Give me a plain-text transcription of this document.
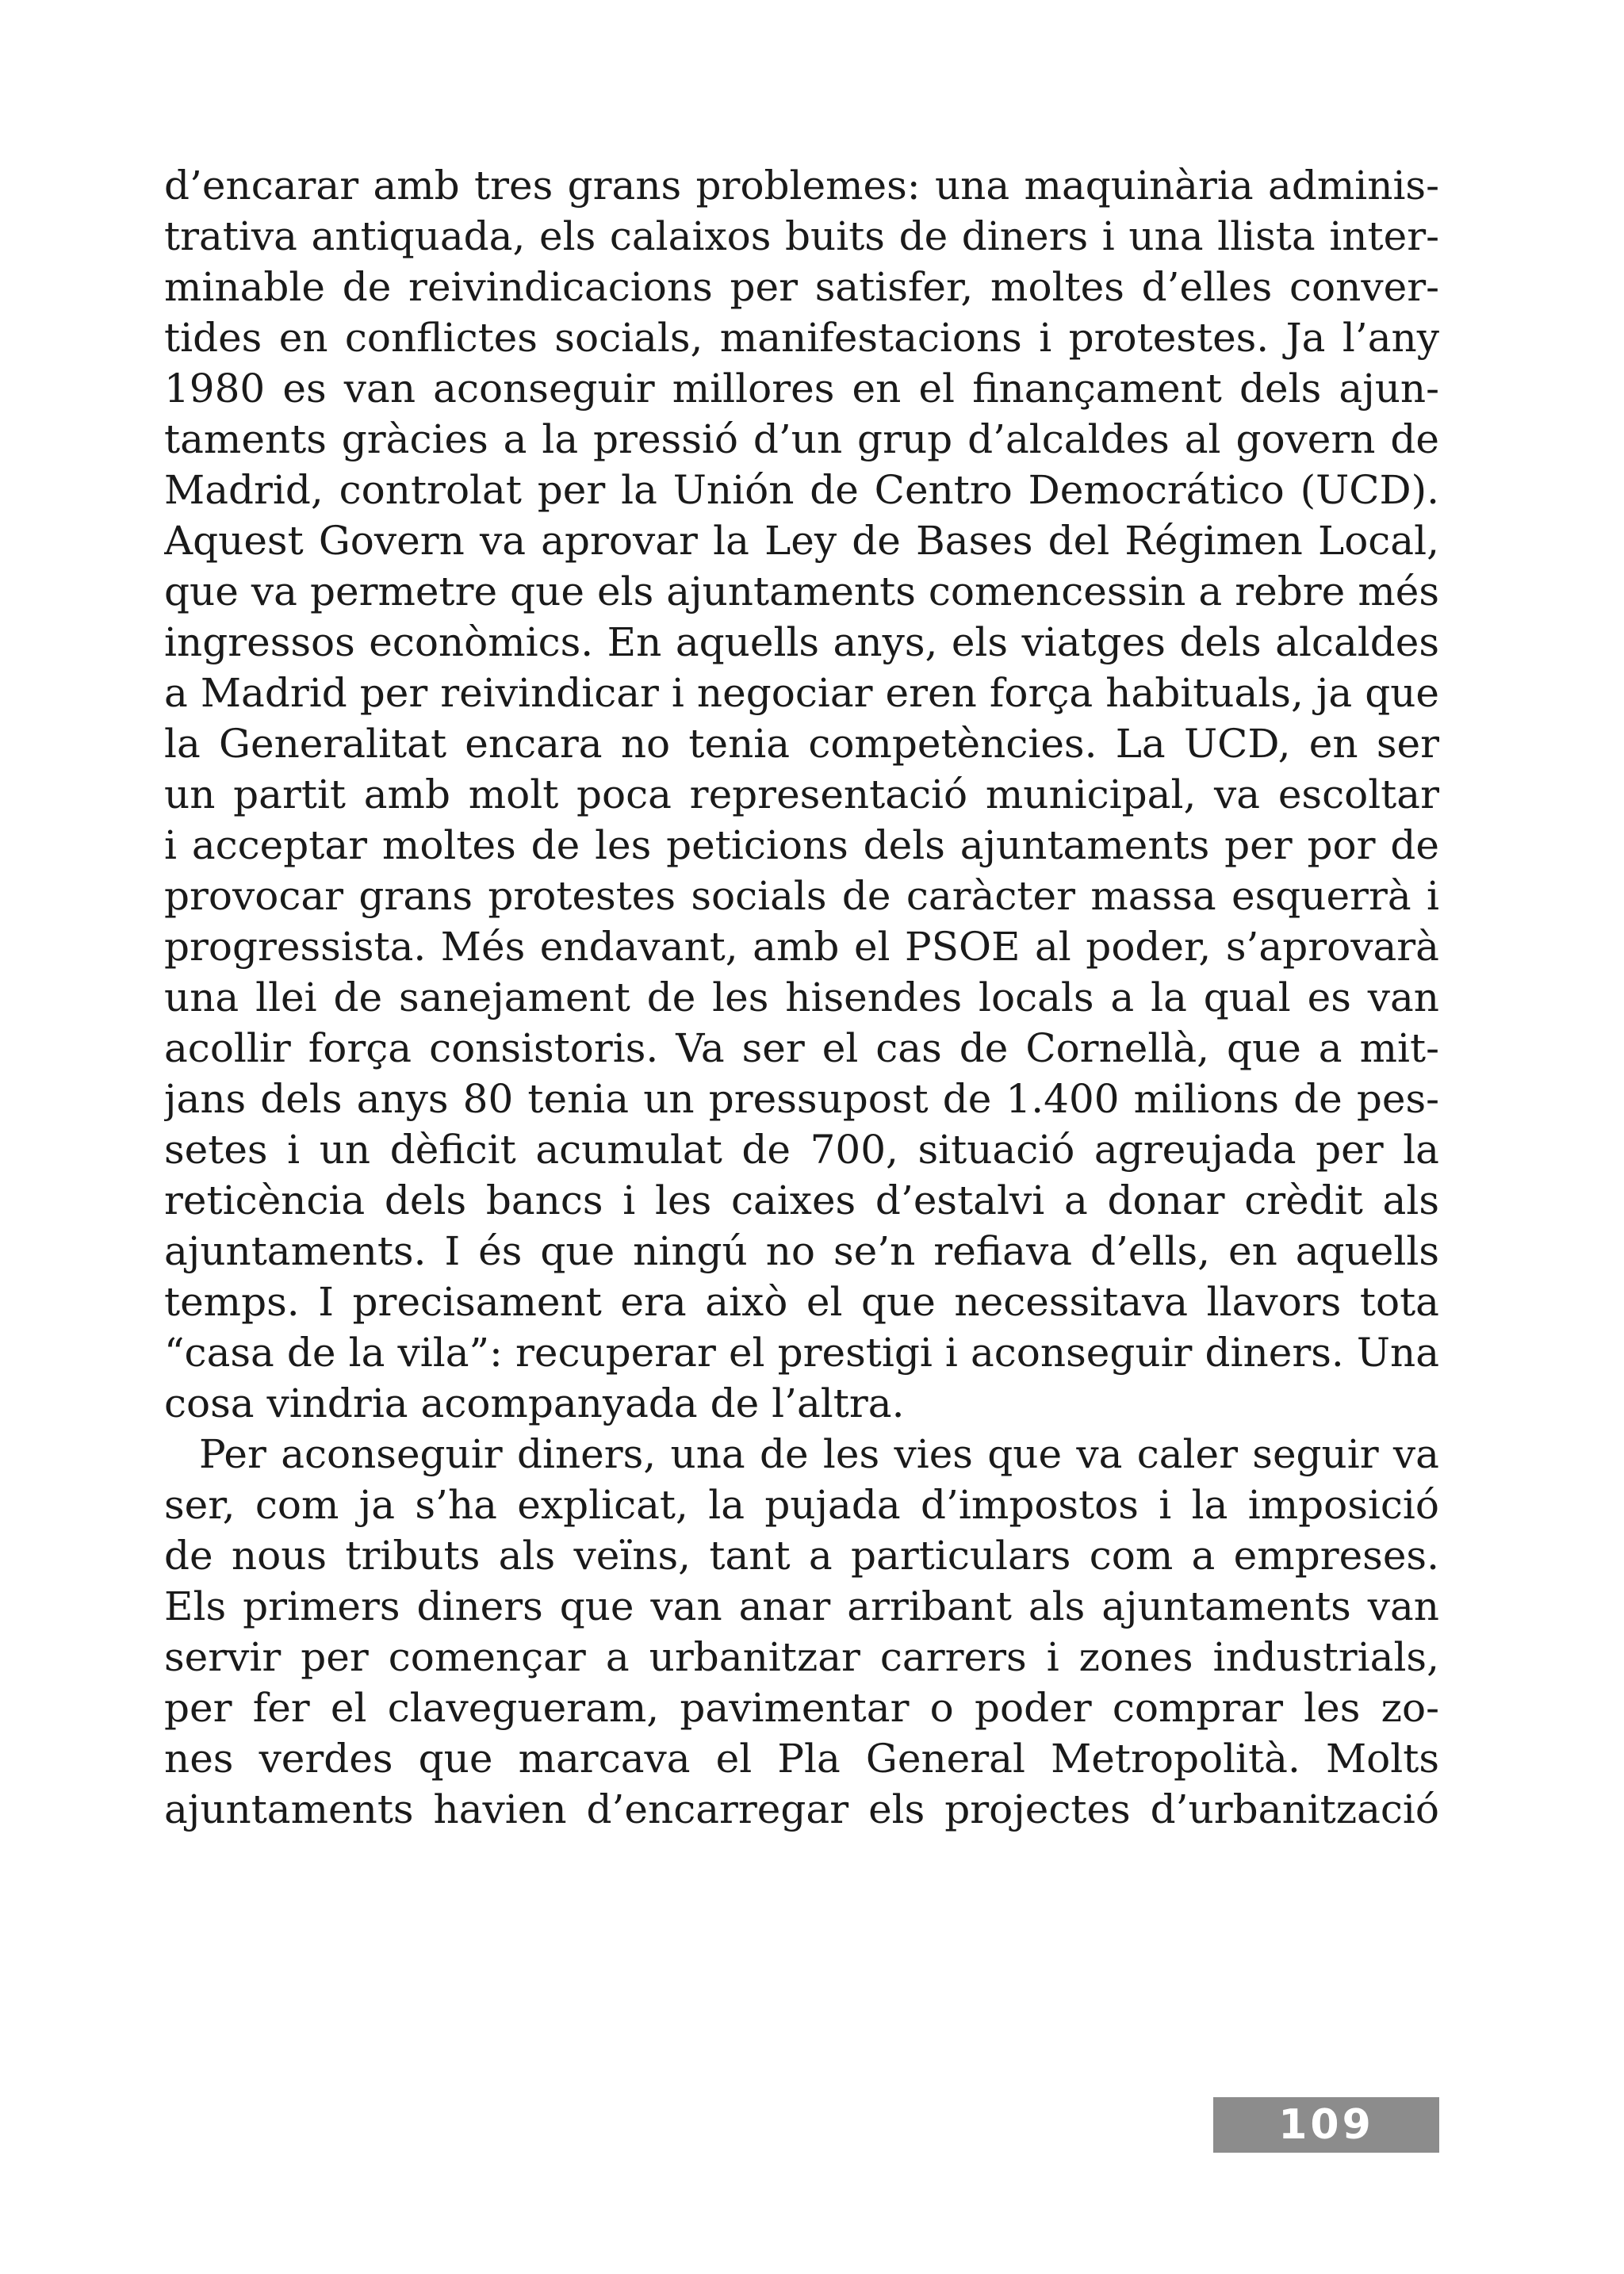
d’encarar amb tres grans problemes: una maquinària adminis-
trativa antiquada, els calaixos buits de diners i una llista inter-
minable de reivindicacions per satisfer, moltes d’elles conver-
tides en conflictes socials, manifestacions i protestes. Ja l’any
1980 es van aconseguir millores en el finançament dels ajun-
taments gràcies a la pressió d’un grup d’alcaldes al govern de
Madrid, controlat per la Unión de Centro Democrático (UCD).
Aquest Govern va aprovar la Ley de Bases del Régimen Local,
que va permetre que els ajuntaments comencessin a rebre més
ingressos econòmics. En aquells anys, els viatges dels alcaldes
a Madrid per reivindicar i negociar eren força habituals, ja que
la Generalitat encara no tenia competències. La UCD, en ser
un partit amb molt poca representació municipal, va escoltar
i acceptar moltes de les peticions dels ajuntaments per por de
provocar grans protestes socials de caràcter massa esquerrà i
progressista. Més endavant, amb el PSOE al poder, s’aprovarà
una llei de sanejament de les hisendes locals a la qual es van
acollir força consistoris. Va ser el cas de Cornellà, que a mit-
jans dels anys 80 tenia un pressupost de 1.400 milions de pes-
setes i un dèficit acumulat de 700, situació agreujada per la
reticència dels bancs i les caixes d’estalvi a donar crèdit als
ajuntaments. I és que ningú no se’n refiava d’ells, en aquells
temps. I precisament era això el que necessitava llavors tota
“casa de la vila”: recuperar el prestigi i aconseguir diners. Una
cosa vindria acompanyada de l’altra.
Per aconseguir diners, una de les vies que va caler seguir va
ser, com ja s’ha explicat, la pujada d’impostos i la imposició
de nous tributs als veïns, tant a particulars com a empreses.
Els primers diners que van anar arribant als ajuntaments van
servir per començar a urbanitzar carrers i zones industrials,
per fer el clavegueram, pavimentar o poder comprar les zo-
nes verdes que marcava el Pla General Metropolità. Molts
ajuntaments havien d’encarregar els projectes d’urbanització
109
